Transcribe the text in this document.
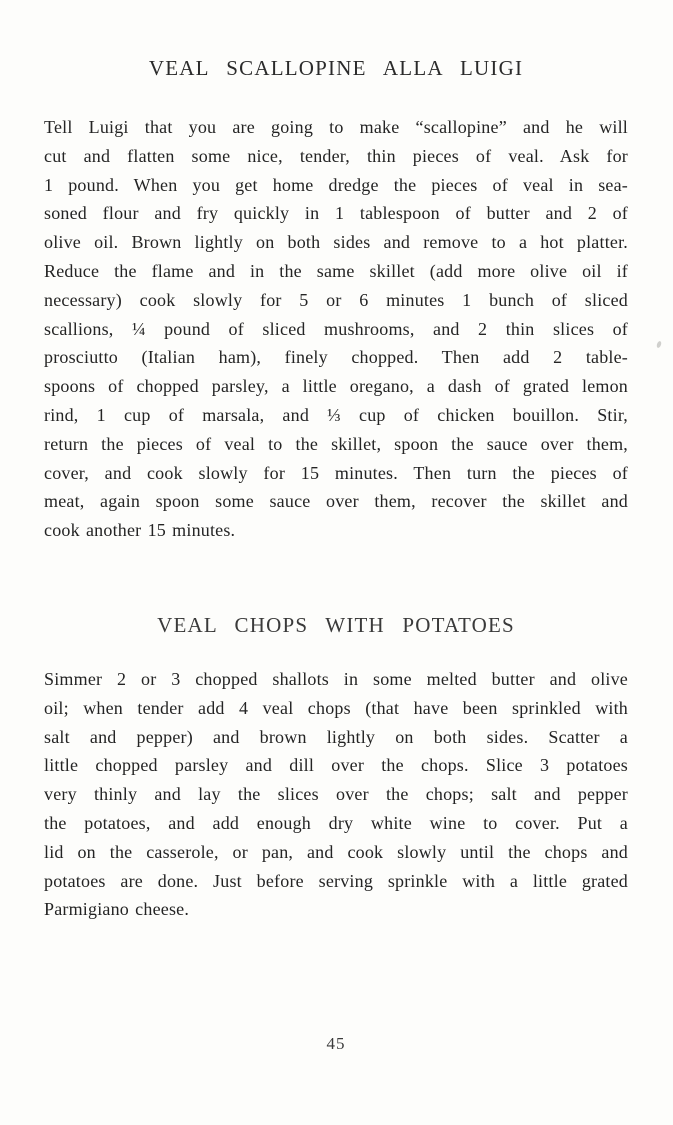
VEAL SCALLOPINE ALLA LUIGI
Tell Luigi that you are going to make “scallopine” and he will
cut and flatten some nice, tender, thin pieces of veal. Ask for
1 pound. When you get home dredge the pieces of veal in sea-
soned flour and fry quickly in 1 tablespoon of butter and 2 of
olive oil. Brown lightly on both sides and remove to a hot platter.
Reduce the flame and in the same skillet (add more olive oil if
necessary) cook slowly for 5 or 6 minutes 1 bunch of sliced
scallions, ¼ pound of sliced mushrooms, and 2 thin slices of
prosciutto (Italian ham), finely chopped. Then add 2 table-
spoons of chopped parsley, a little oregano, a dash of grated lemon
rind, 1 cup of marsala, and ⅓ cup of chicken bouillon. Stir,
return the pieces of veal to the skillet, spoon the sauce over them,
cover, and cook slowly for 15 minutes. Then turn the pieces of
meat, again spoon some sauce over them, recover the skillet and
cook another 15 minutes.
VEAL CHOPS WITH POTATOES
Simmer 2 or 3 chopped shallots in some melted butter and olive
oil; when tender add 4 veal chops (that have been sprinkled with
salt and pepper) and brown lightly on both sides. Scatter a
little chopped parsley and dill over the chops. Slice 3 potatoes
very thinly and lay the slices over the chops; salt and pepper
the potatoes, and add enough dry white wine to cover. Put a
lid on the casserole, or pan, and cook slowly until the chops and
potatoes are done. Just before serving sprinkle with a little grated
Parmigiano cheese.
45
